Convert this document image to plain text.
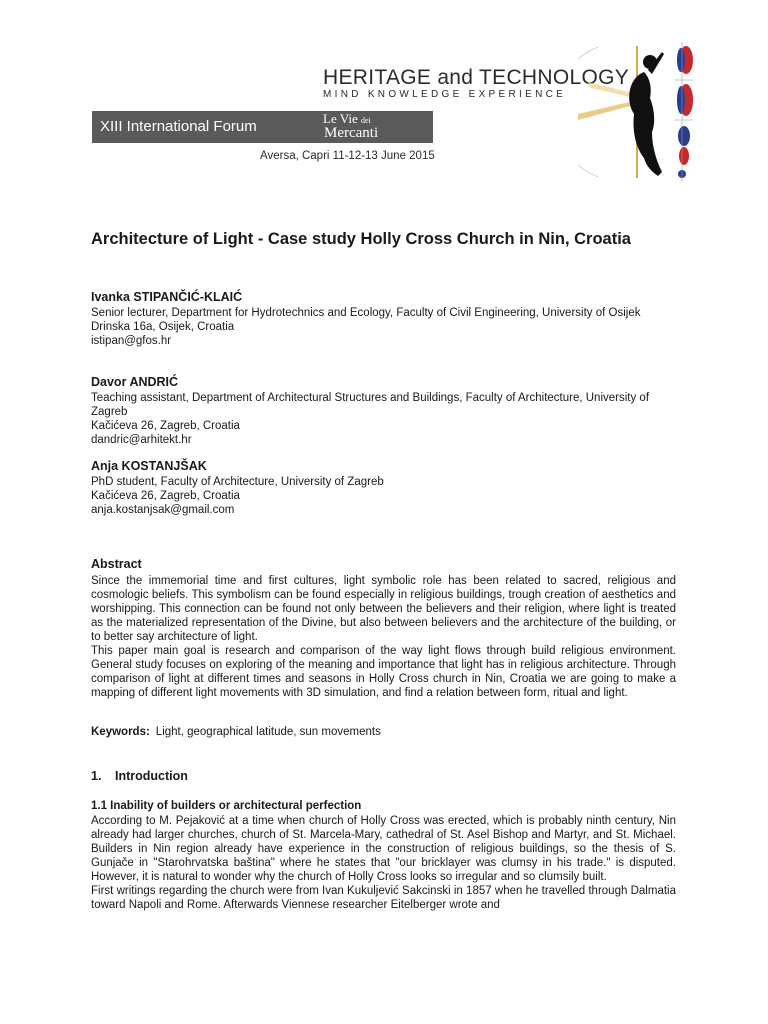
HERITAGE and TECHNOLOGY
MIND KNOWLEDGE EXPERIENCE
XIII International Forum	Le Vie dei
Mercanti
Aversa, Capri 11-12-13 June 2015
Architecture of Light - Case study Holly Cross Church in Nin, Croatia

Ivanka STIPANČIĆ-KLAIĆ

Senior lecturer, Department for Hydrotechnics and Ecology, Faculty of Civil Engineering, University of Osijek

Drinska 16a, Osijek, Croatia

istipan@gfos.hr

Davor ANDRIĆ

Teaching assistant, Department of Architectural Structures and Buildings, Faculty of Architecture, University of Zagreb

Kačićeva 26, Zagreb, Croatia

dandric@arhitekt.hr

Anja KOSTANJŠAK

PhD student, Faculty of Architecture, University of Zagreb

Kačićeva 26, Zagreb, Croatia

anja.kostanjsak@gmail.com

Abstract

Since the immemorial time and first cultures, light symbolic role has been related to sacred, religious and cosmologic beliefs. This symbolism can be found especially in religious buildings, trough creation of aesthetics and worshipping. This connection can be found not only between the believers and their religion, where light is treated as the materialized representation of the Divine, but also between believers and the architecture of the building, or to better say architecture of light.

This paper main goal is research and comparison of the way light flows through build religious environment. General study focuses on exploring of the meaning and importance that light has in religious architecture. Through comparison of light at different times and seasons in Holly Cross church in Nin, Croatia we are going to make a mapping of different light movements with 3D simulation, and find a relation between form, ritual and light.

Keywords: Light, geographical latitude, sun movements
1. Introduction
1.1 Inability of builders or architectural perfection

According to M. Pejaković at a time when church of Holly Cross was erected, which is probably ninth century, Nin already had larger churches, church of St. Marcela-Mary, cathedral of St. Asel Bishop and Martyr, and St. Michael. Builders in Nin region already have experience in the construction of religious buildings, so the thesis of S. Gunjače in "Starohrvatska baština" where he states that "our bricklayer was clumsy in his trade." is disputed. However, it is natural to wonder why the church of Holly Cross looks so irregular and so clumsily built.

First writings regarding the church were from Ivan Kukuljević Sakcinski in 1857 when he travelled through Dalmatia toward Napoli and Rome. Afterwards Viennese researcher Eitelberger wrote and
